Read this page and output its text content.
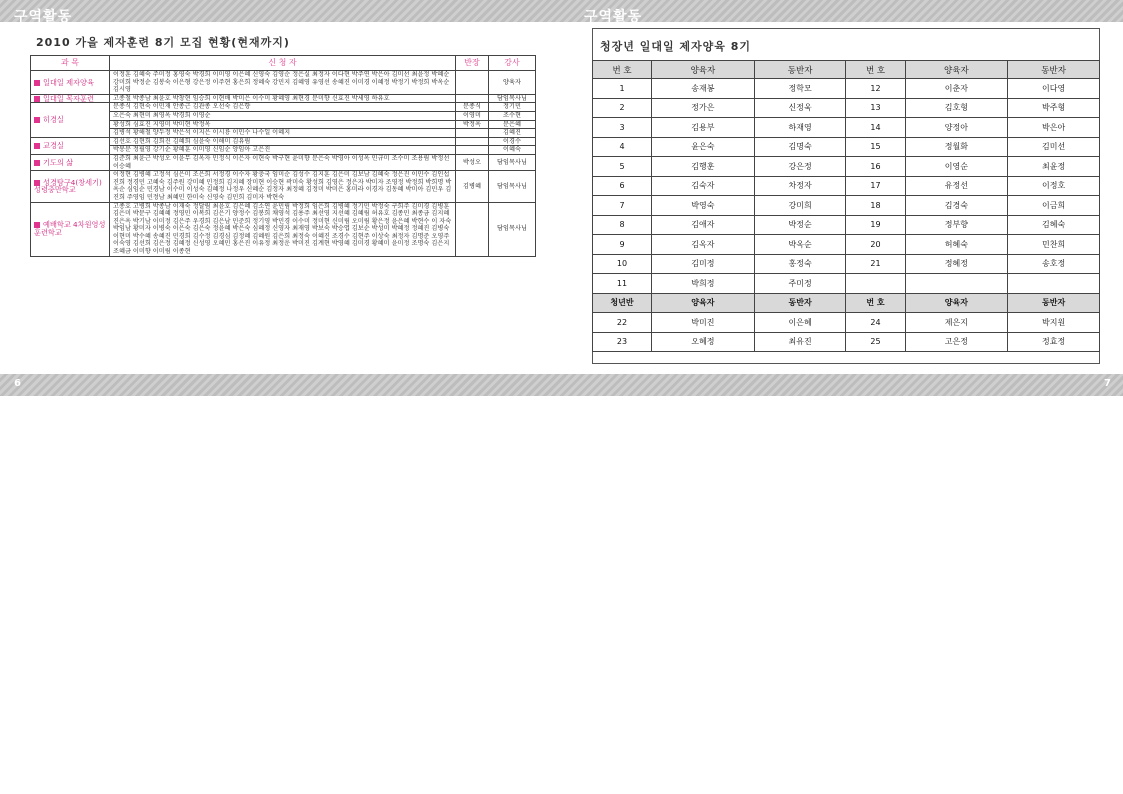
구역활동	구역활동
2010 가을 제자훈련 8기 모집 현황(현재까지)
과 목	신 청 자	반장	강사
일대일 제자양육	이정훈 김혜숙 주미정 홍영숙 박경희 이미영 이은혜 신영숙 김영순 정은실 최정자 이다현 박주연 박은아 김미선 최윤정 박혜순 강미희 박정순 김봉숙 이은형 강은정 이주현 홍은희 정혜숙 강민지 김혜영 유영선 송혜진 이미경 이혜정 박정기 박정희 박옥순 김시영		양육자
일대일 목자훈련	고종철 박종남 최윤호 박창현 임승희 이현배 박미은 이수미 황혜영 최현경 문미향 신효진 박세영 하유호		담임목사님
히경실	문종식 김현숙 이민재 안종근 김관종 오선숙 김은향	문종식	정기민
	오은숙 최현미 최영옥 박경희 이영순	이영미	조수현
	황성희 심효진 지영미 박미현 박정옥	박정옥	문은혜
	김병석 황해철 양두정 박은석 이지은 이시룡 이민수 나수일 이혜지		김혜진
교경실	김선호 김현희 김희진 김혜희 심윤숙 이해미 김유림		이경수
	박봉분 정필영 강기순 황혜훈 이미영 신임순 양임아 고은진		이혜숙
기도의 삶	김준희 최윤근 박성오 이윤무 김옥자 민정식 이은자 이현숙 박구현 윤미향 문은숙 박영아 이성옥 민규미 조수미 조용림 박정선 이승혜	박성오	담임목사님
성경탐구4(창세기) 성령충만학교	이정현 김병혜 고정석 심은미 조은희 서정경 이수자 황충국 임미순 김성수 김지훈 김은미 김보남 김혜숙 정은진 이민수 김인섭 진희 정경민 고혜숙 김주원 강미혜 민정희 김지혜 장미현 이승현 곽미숙 황성희 김영은 정은자 박미자 조영정 박정희 박희명 박옥순 심임순 민경남 이수미 이성숙 김혜정 나정우 신혜순 김정자 최정혜 김정미 박미은 홍미라 이경자 김동혜 박미아 김민우 김진희 주영임 민정남 최혜민 한미숙 신영숙 김민희 김미자 박현숙	김병혜	담임목사님
예배학교 4차원영성훈련학교	고종호 고병희 박종남 이재숙 정달림 최윤호 김은혜 김소연 윤민림 박정희 임은희 김병혜 정기민 박정숙 구희주 김미경 김병훈 김은미 박문구 김혜혜 정영민 이복희 김은기 양정수 김봉희 채영석 김용주 최선영 지선혜 김혜림 허유호 김종민 최종금 김지혜 진은옥 박기남 이미정 김은주 우경희 김은남 민준희 정기영 박민경 이수미 정미현 신미림 오미림 황은정 윤은혜 박현수 이 자숙 박임남 황미자 이병숙 이은숙 김은숙 정윤혜 박은숙 심혜정 신영자 최재영 박보숙 박승엽 김보순 박성미 박혜정 정혜진 김병숙 이현미 박수혜 송혜진 민경희 김수정 김경심 김정혜 김혜원 김은희 최정숙 이혜진 조경수 김현주 이상숙 최정자 김명준 오영주 이숙영 김선희 김은정 김혜정 신성영 오혜민 홍은진 이유정 최정운 박미진 김계현 박영혜 김미경 황혜미 윤미정 조명숙 김은지 조혜금 이미향 이미림 이종현		담임목사님
청장년 일대일 제자양육 8기
번 호	양육자	동반자	번 호	양육자	동반자
1	송재봉	정학모	12	이춘자	이다영
2	정가은	신정욱	13	김호형	박주형
3	김용부	하재영	14	양정아	박은아
4	윤은숙	김명숙	15	정월화	김미선
5	김행훈	강은정	16	이영순	최윤정
6	김숙자	차정자	17	유정선	이정호
7	박영숙	강미희	18	김경숙	이금희
8	김애자	박정순	19	정부향	김혜숙
9	김옥자	박옥순	20	허혜숙	민찬희
10	김미정	홍정숙	21	정혜정	송호정
11	박희정	주미정			
청년반	양육자	동반자	번 호	양육자	동반자
22	박미진	이은혜	24	제은지	박지원
23	오혜정	최유진	25	고은정	정효정
6	7
